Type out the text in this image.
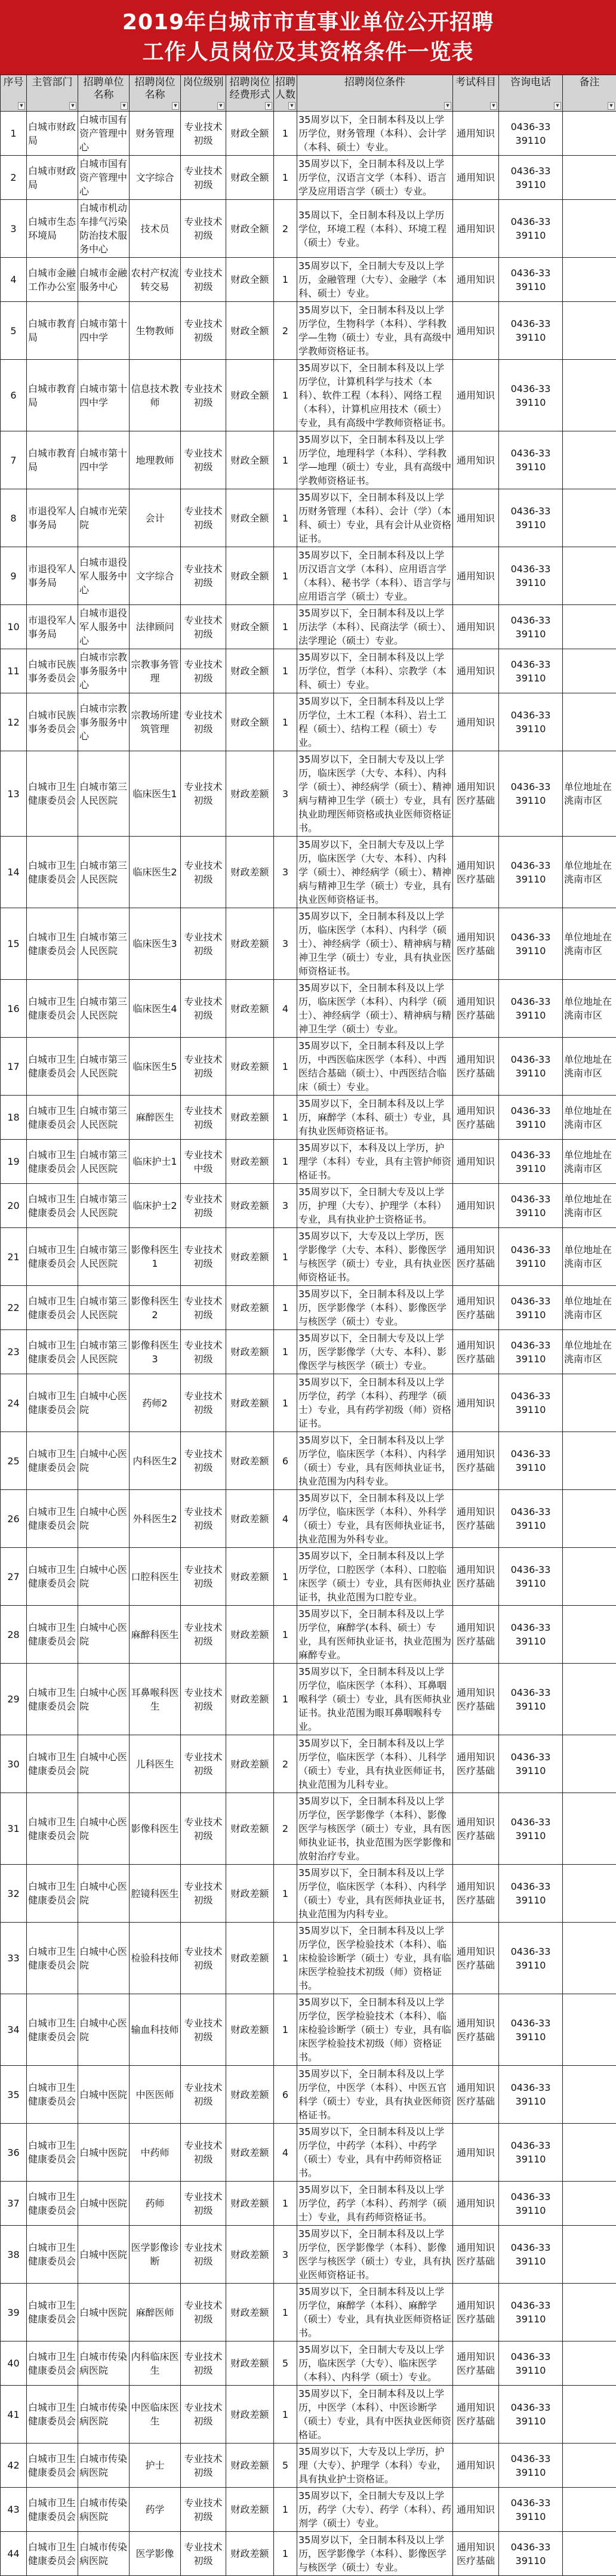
2019年白城市市直事业单位公开招聘
工作人员岗位及其资格条件一览表
序号
▼	主管部门
▼	招聘单位名称
▼	招聘岗位名称
▼	岗位级别
▼	招聘岗位经费形式
▼	招聘人数
▼	招聘岗位条件
▼	考试科目
▼	咨询电话
▼	备注
▼

1	白城市财政局	白城市国有资产管理中心	财务管理	专业技术初级	财政全额	1	35周岁以下，全日制本科及以上学历学位，财务管理（本科）、会计学（本科、硕士）专业。	通用知识	0436-3339110	
2	白城市财政局	白城市国有资产管理中心	文字综合	专业技术初级	财政全额	1	35周岁以下，全日制本科及以上学历学位，汉语言文学（本科）、语言学及应用语言学（硕士）专业。	通用知识	0436-3339110	
3	白城市生态环境局	白城市机动车排气污染防治技术服务中心	技术员	专业技术初级	财政全额	2	35周以下，全日制本科及以上学历学位，环境工程（本科）、环境工程（硕士）专业。	通用知识	0436-3339110	
4	白城市金融工作办公室	白城市金融服务中心	农村产权流转交易	专业技术初级	财政全额	1	35周岁以下，全日制大专及以上学历，金融管理（大专）、金融学（本科、硕士）专业。	通用知识	0436-3339110	
5	白城市教育局	白城市第十四中学	生物教师	专业技术初级	财政全额	2	35周岁以下，全日制本科及以上学历学位，生物科学（本科）、学科教学—生物（硕士）专业，具有高级中学教师资格证书。	通用知识	0436-3339110	
6	白城市教育局	白城市第十四中学	信息技术教师	专业技术初级	财政全额	1	35周岁以下，全日制本科及以上学历学位，计算机科学与技术（本科）、软件工程（本科）、网络工程（本科），计算机应用技术（硕士）专业，具有高级中学教师资格证书。	通用知识	0436-3339110	
7	白城市教育局	白城市第十四中学	地理教师	专业技术初级	财政全额	1	35周岁以下，全日制本科及以上学历学位，地理科学（本科）、学科教学—地理（硕士）专业，具有高级中学教师资格证书。	通用知识	0436-3339110	
8	市退役军人事务局	白城市光荣院	会计	专业技术初级	财政全额	1	35周岁以下，全日制本科及以上学历财务管理（本科）、会计（学）（本科、硕士）专业，具有会计从业资格证书。	通用知识	0436-3339110	
9	市退役军人事务局	白城市退役军人服务中心	文字综合	专业技术初级	财政全额	1	35周岁以下，全日制本科及以上学历汉语言文学（本科）、应用语言学（本科）、秘书学（本科）、语言学与应用语言学（硕士）专业。	通用知识	0436-3339110	
10	市退役军人事务局	白城市退役军人服务中心	法律顾问	专业技术初级	财政全额	1	35周岁以下，全日制本科及以上学历法学（本科）、民商法学（硕士）、法学理论（硕士）专业。	通用知识	0436-3339110	
11	白城市民族事务委员会	白城市宗教事务服务中心	宗教事务管理	专业技术初级	财政全额	1	35周岁以下，全日制本科及以上学历学位，哲学（本科）、宗教学（本科、硕士）专业。	通用知识	0436-3339110	
12	白城市民族事务委员会	白城市宗教事务服务中心	宗教场所建筑管理	专业技术初级	财政全额	1	35周岁以下，全日制本科及以上学历学位，土木工程（本科）、岩土工程（硕士）、结构工程（硕士）专业。	通用知识	0436-3339110	
13	白城市卫生健康委员会	白城市第三人民医院	临床医生1	专业技术初级	财政差额	3	35周岁以下，全日制大专及以上学历，临床医学（大专、本科）、内科学（硕士）、神经病学（硕士）、精神病与精神卫生学（硕士）专业，具有执业助理医师资格或执业医师资格证书。	通用知识
医疗基础	0436-3339110	单位地址在洮南市区
14	白城市卫生健康委员会	白城市第三人民医院	临床医生2	专业技术初级	财政差额	3	35周岁以下，全日制大专及以上学历，临床医学（大专、本科）、内科学（硕士）、神经病学（硕士）、精神病与精神卫生学（硕士）专业，具有执业医师资格证书。	通用知识
医疗基础	0436-3339110	单位地址在洮南市区
15	白城市卫生健康委员会	白城市第三人民医院	临床医生3	专业技术初级	财政差额	3	35周岁以下，全日制本科及以上学历，临床医学（本科）、内科学（硕士）、神经病学（硕士）、精神病与精神卫生学（硕士）专业，具有执业医师资格证书。	通用知识
医疗基础	0436-3339110	单位地址在洮南市区
16	白城市卫生健康委员会	白城市第三人民医院	临床医生4	专业技术初级	财政差额	4	35周岁以下，全日制本科及以上学历，临床医学（本科）、内科学（硕士）、神经病学（硕士）、精神病与精神卫生学（硕士）专业。	通用知识
医疗基础	0436-3339110	单位地址在洮南市区
17	白城市卫生健康委员会	白城市第三人民医院	临床医生5	专业技术初级	财政差额	1	35周岁以下，全日制本科及以上学历，中西医临床医学（本科）、中西医结合基础（硕士）、中西医结合临床（硕士）专业。	通用知识
医疗基础	0436-3339110	单位地址在洮南市区
18	白城市卫生健康委员会	白城市第三人民医院	麻醉医生	专业技术初级	财政差额	1	35周岁以下，全日制本科及以上学历，麻醉学（本科、硕士）专业，具有执业医师资格证书。	通用知识
医疗基础	0436-3339110	单位地址在洮南市区
19	白城市卫生健康委员会	白城市第三人民医院	临床护士1	专业技术中级	财政差额	1	35周岁以下，本科及以上学历，护理学（本科）专业，具有主管护师资格证书。	通用知识	0436-3339110	单位地址在洮南市区
20	白城市卫生健康委员会	白城市第三人民医院	临床护士2	专业技术初级	财政差额	3	35周岁以下，全日制大专及以上学历，护理（大专）、护理学（本科）专业，具有执业护士资格证书。	通用知识	0436-3339110	单位地址在洮南市区
21	白城市卫生健康委员会	白城市第三人民医院	影像科医生1	专业技术初级	财政差额	1	35周岁以下，大专及以上学历，医学影像学（大专、本科）、影像医学与核医学（硕士）专业，具有执业医师资格证书。	通用知识
医疗基础	0436-3339110	单位地址在洮南市区
22	白城市卫生健康委员会	白城市第三人民医院	影像科医生2	专业技术初级	财政差额	1	35周岁以下，全日制本科及以上学历，医学影像学（本科）、影像医学与核医学（硕士）专业。	通用知识
医疗基础	0436-3339110	单位地址在洮南市区
23	白城市卫生健康委员会	白城市第三人民医院	影像科医生3	专业技术初级	财政差额	1	35周岁以下，全日制大专及以上学历，医学影像学（大专、本科）、影像医学与核医学（硕士）专业。	通用知识
医疗基础	0436-3339110	单位地址在洮南市区
24	白城市卫生健康委员会	白城中心医院	药师2	专业技术初级	财政差额	1	35周岁以下，全日制本科及以上学历学位，药学（本科）、药理学（硕士）专业，具有药学初级（师）资格证书。	通用知识	0436-3339110	
25	白城市卫生健康委员会	白城中心医院	内科医生2	专业技术初级	财政差额	6	35周岁以下，全日制本科及以上学历学位，临床医学（本科）、内科学（硕士）专业，具有医师执业证书，执业范围为内科专业。	通用知识
医疗基础	0436-3339110	
26	白城市卫生健康委员会	白城中心医院	外科医生2	专业技术初级	财政差额	4	35周岁以下，全日制本科及以上学历学位，临床医学（本科）、外科学（硕士）专业，具有医师执业证书，执业范围为外科专业。	通用知识
医疗基础	0436-3339110	
27	白城市卫生健康委员会	白城中心医院	口腔科医生	专业技术初级	财政差额	1	35周岁以下，全日制本科及以上学历学位，口腔医学（本科）、口腔临床医学（硕士）专业，具有医师执业证书，执业范围为口腔专业。	通用知识
医疗基础	0436-3339110	
28	白城市卫生健康委员会	白城中心医院	麻醉科医生	专业技术初级	财政差额	1	35周岁以下，全日制本科及以上学历学位，麻醉学(本科、硕士）专业，具有医师执业证书，执业范围为麻醉专业。	通用知识
医疗基础	0436-3339110	
29	白城市卫生健康委员会	白城中心医院	耳鼻喉科医生	专业技术初级	财政差额	1	35周岁以下，全日制本科及以上学历学位，临床医学（本科）、耳鼻咽喉科学（硕士）专业，具有医师执业证书。执业范围为眼耳鼻咽喉科专业。	通用知识
医疗基础	0436-3339110	
30	白城市卫生健康委员会	白城中心医院	儿科医生	专业技术初级	财政差额	2	35周岁以下，全日制本科及以上学历学位，临床医学（本科）、儿科学（硕士）专业，具有执业医师证书，执业范围为儿科专业。	通用知识
医疗基础	0436-3339110	
31	白城市卫生健康委员会	白城中心医院	影像科医生	专业技术初级	财政差额	2	35周岁以下，全日制本科及以上学历学位，医学影像学（本科）、影像医学与核医学（硕士）专业，具有医师执业证书，执业范围为医学影像和放射治疗专业。	通用知识
医疗基础	0436-3339110	
32	白城市卫生健康委员会	白城中心医院	腔镜科医生	专业技术初级	财政差额	1	35周岁以下，全日制本科及以上学历学位，临床医学（本科）、内科学（硕士）专业，具有医师执业证书，执业范围为内科专业。	通用知识
医疗基础	0436-3339110	
33	白城市卫生健康委员会	白城中心医院	检验科技师	专业技术初级	财政差额	1	35周岁以下，全日制本科及以上学历学位，医学检验技术（本科）、临床检验诊断学（硕士）专业，具有临床医学检验技术初级（师）资格证书。	通用知识
医疗基础	0436-3339110	
34	白城市卫生健康委员会	白城中心医院	输血科技师	专业技术初级	财政差额	1	35周岁以下，全日制本科及以上学历学位，医学检验技术（本科）、临床检验诊断学（硕士）专业，具有临床医学检验技术初级（师）资格证书。	通用知识
医疗基础	0436-3339110	
35	白城市卫生健康委员会	白城中医院	中医医师	专业技术初级	财政差额	6	35周岁以下，全日制本科及以上学历学位，中医学（本科）、中医五官科学（硕士）专业，具有执业医师资格证书。	通用知识
医疗基础	0436-3339110	
36	白城市卫生健康委员会	白城中医院	中药师	专业技术初级	财政差额	4	35周岁以下，全日制本科及以上学历学位，中药学（本科）、中药学（硕士）专业，具有中药师资格证书。	通用知识	0436-3339110	
37	白城市卫生健康委员会	白城中医院	药师	专业技术初级	财政差额	1	35周岁以下，全日制本科及以上学历学位，药学（本科）、药剂学（硕士）专业，具有药师资格证书。	通用知识	0436-3339110	
38	白城市卫生健康委员会	白城中医院	医学影像诊断	专业技术初级	财政差额	3	35周岁以下，全日制本科及以上学历学位，医学影像学（本科）、影像医学与核医学（硕士）专业，具有执业医师资格证书。	通用知识
医疗基础	0436-3339110	
39	白城市卫生健康委员会	白城中医院	麻醉医师	专业技术初级	财政差额	1	35周岁以下，全日制本科及以上学历学位，麻醉学（本科）、麻醉学（硕士）专业，具有执业医师资格证书。	通用知识
医疗基础	0436-3339110	
40	白城市卫生健康委员会	白城市传染病医院	内科临床医生	专业技术初级	财政差额	5	35周岁以下，全日制大专及以上学历，临床医学（大专）、临床医学（本科）、内科学（硕士）专业。	通用知识
医疗基础	0436-3339110	
41	白城市卫生健康委员会	白城市传染病医院	中医临床医生	专业技术初级	财政差额	1	35周岁以下，全日制本科及以上学历，中医学（本科）、中医诊断学（硕士）专业，具有中医执业医师资格证。	通用知识
医疗基础	0436-3339110	
42	白城市卫生健康委员会	白城市传染病医院	护士	专业技术初级	财政差额	5	35周岁以下，大专及以上学历，护理（大专）、护理学（本科）专业，具有执业护士资格证。	通用知识	0436-3339110	
43	白城市卫生健康委员会	白城市传染病医院	药学	专业技术初级	财政差额	1	35周岁以下，全日制大专及以上学历，药学（大专）、药学（本科）、药剂学（硕士）专业。	通用知识	0436-3339110	
44	白城市卫生健康委员会	白城市传染病医院	医学影像	专业技术初级	财政差额	1	35周岁以下，全日制本科及以上学历，医学影像学（本科）、影像医学与核医学（硕士）专业。	通用知识
医疗基础	0436-3339110	
